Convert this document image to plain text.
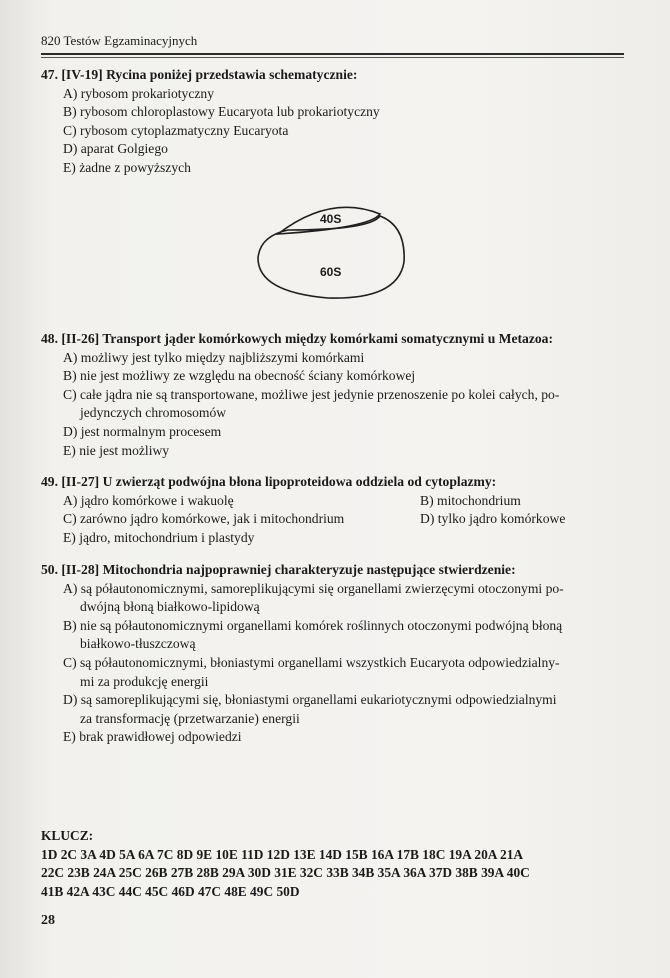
820 Testów Egzaminacyjnych
47. [IV-19] Rycina poniżej przedstawia schematycznie:
A) rybosom prokariotyczny
B) rybosom chloroplastowy Eucaryota lub prokariotyczny
C) rybosom cytoplazmatyczny Eucaryota
D) aparat Golgiego
E) żadne z powyższych
40S
60S
48. [II-26] Transport jąder komórkowych między komórkami somatycznymi u Metazoa:
A) możliwy jest tylko między najbliższymi komórkami
B) nie jest możliwy ze względu na obecność ściany komórkowej
C) całe jądra nie są transportowane, możliwe jest jedynie przenoszenie po kolei całych, po-
jedynczych chromosomów
D) jest normalnym procesem
E) nie jest możliwy
49. [II-27] U zwierząt podwójna błona lipoproteidowa oddziela od cytoplazmy:
A) jądro komórkowe i wakuolę	B) mitochondrium
C) zarówno jądro komórkowe, jak i mitochondrium	D) tylko jądro komórkowe
E) jądro, mitochondrium i plastydy
50. [II-28] Mitochondria najpoprawniej charakteryzuje następujące stwierdzenie:
A) są półautonomicznymi, samoreplikującymi się organellami zwierzęcymi otoczonymi po-
dwójną błoną białkowo-lipidową
B) nie są półautonomicznymi organellami komórek roślinnych otoczonymi podwójną błoną
białkowo-tłuszczową
C) są półautonomicznymi, błoniastymi organellami wszystkich Eucaryota odpowiedzialny-
mi za produkcję energii
D) są samoreplikującymi się, błoniastymi organellami eukariotycznymi odpowiedzialnymi
za transformację (przetwarzanie) energii
E) brak prawidłowej odpowiedzi
KLUCZ:
1D 2C 3A 4D 5A 6A 7C 8D 9E 10E 11D 12D 13E 14D 15B 16A 17B 18C 19A 20A 21A
22C 23B 24A 25C 26B 27B 28B 29A 30D 31E 32C 33B 34B 35A 36A 37D 38B 39A 40C
41B 42A 43C 44C 45C 46D 47C 48E 49C 50D
28
